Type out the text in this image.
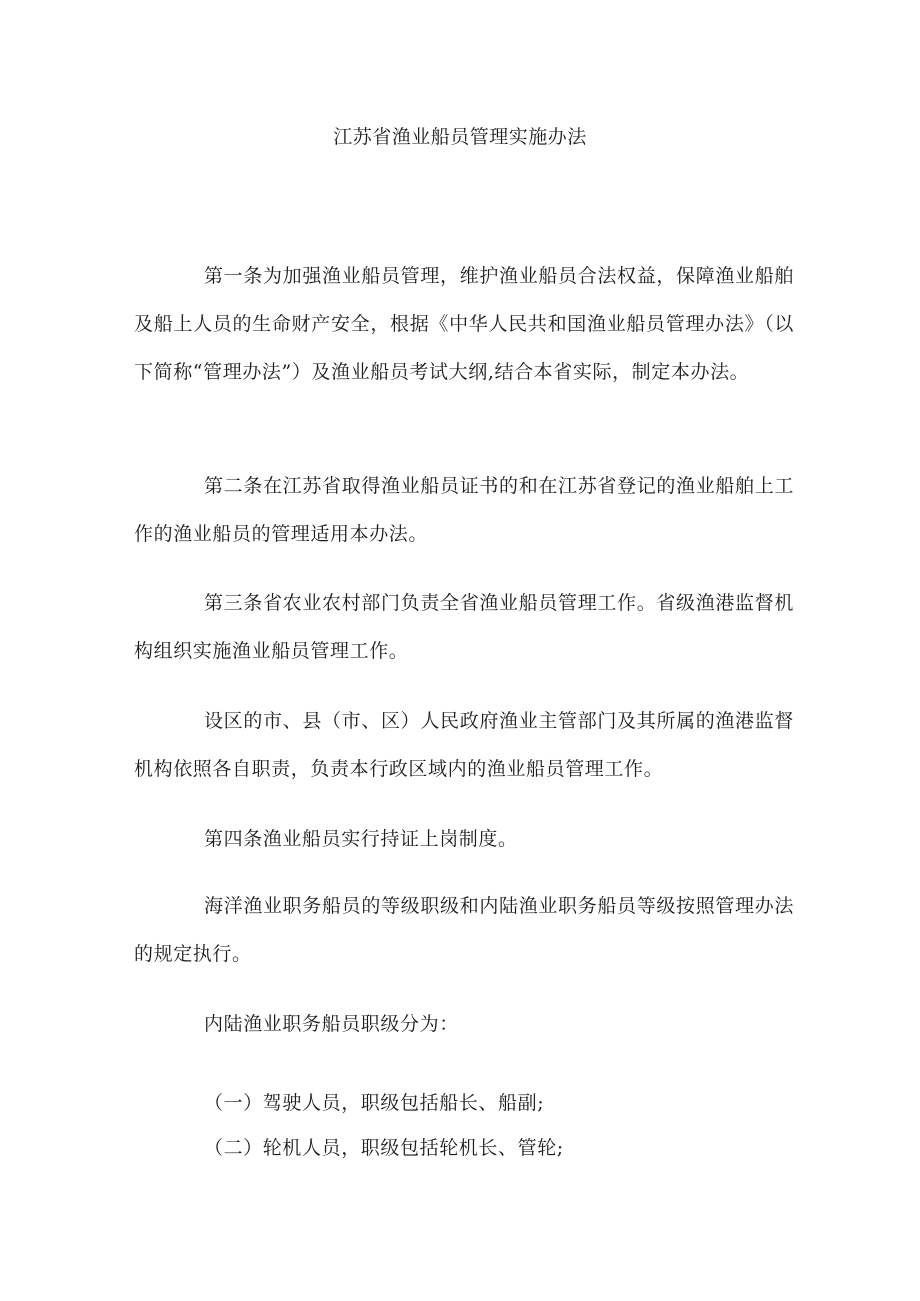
江苏省渔业船员管理实施办法

第一条为加强渔业船员管理，维护渔业船员合法权益，保障渔业船舶及船上人员的生命财产安全，根据《中华人民共和国渔业船员管理办法》（以下简称“管理办法”）及渔业船员考试大纲,结合本省实际，制定本办法。

第二条在江苏省取得渔业船员证书的和在江苏省登记的渔业船舶上工作的渔业船员的管理适用本办法。

第三条省农业农村部门负责全省渔业船员管理工作。省级渔港监督机构组织实施渔业船员管理工作。

设区的市、县（市、区）人民政府渔业主管部门及其所属的渔港监督机构依照各自职责，负责本行政区域内的渔业船员管理工作。

第四条渔业船员实行持证上岗制度。

海洋渔业职务船员的等级职级和内陆渔业职务船员等级按照管理办法的规定执行。

内陆渔业职务船员职级分为：

（一）驾驶人员，职级包括船长、船副;

（二）轮机人员，职级包括轮机长、管轮;
